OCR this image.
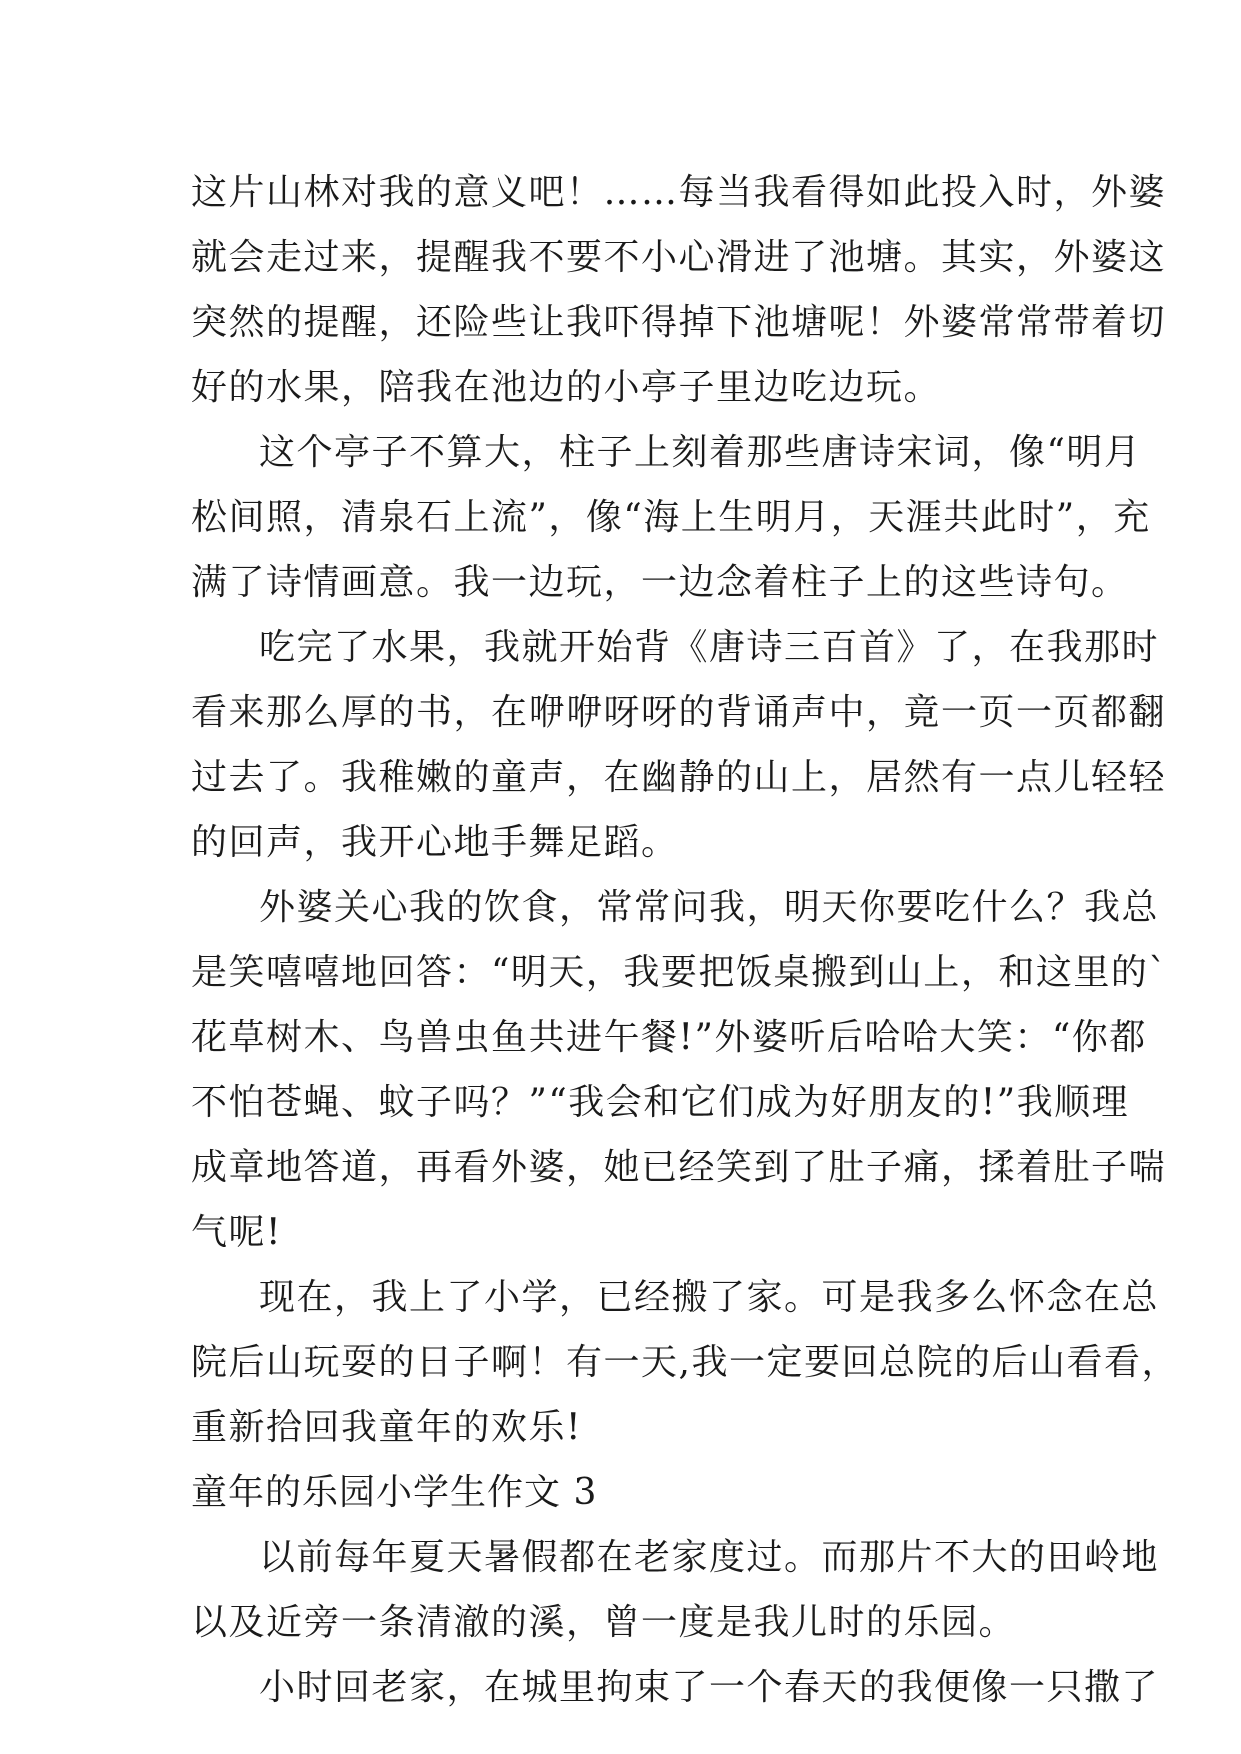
这片山林对我的意义吧！……每当我看得如此投入时，外婆
就会走过来，提醒我不要不小心滑进了池塘。其实，外婆这
突然的提醒，还险些让我吓得掉下池塘呢！外婆常常带着切
好的水果，陪我在池边的小亭子里边吃边玩。
这个亭子不算大，柱子上刻着那些唐诗宋词，像“明月
松间照，清泉石上流”，像“海上生明月，天涯共此时”，充
满了诗情画意。我一边玩，一边念着柱子上的这些诗句。
吃完了水果，我就开始背《唐诗三百首》了，在我那时
看来那么厚的书，在咿咿呀呀的背诵声中，竟一页一页都翻
过去了。我稚嫩的童声，在幽静的山上，居然有一点儿轻轻
的回声，我开心地手舞足蹈。
外婆关心我的饮食，常常问我，明天你要吃什么？我总
是笑嘻嘻地回答：“明天，我要把饭桌搬到山上，和这里的`
花草树木、鸟兽虫鱼共进午餐!”外婆听后哈哈大笑：“你都
不怕苍蝇、蚊子吗？”“我会和它们成为好朋友的!”我顺理
成章地答道，再看外婆，她已经笑到了肚子痛，揉着肚子喘
气呢!
现在，我上了小学，已经搬了家。可是我多么怀念在总
院后山玩耍的日子啊！有一天,我一定要回总院的后山看看，
重新拾回我童年的欢乐!
童年的乐园小学生作文 3
以前每年夏天暑假都在老家度过。而那片不大的田岭地
以及近旁一条清澈的溪，曾一度是我儿时的乐园。
小时回老家，在城里拘束了一个春天的我便像一只撒了
